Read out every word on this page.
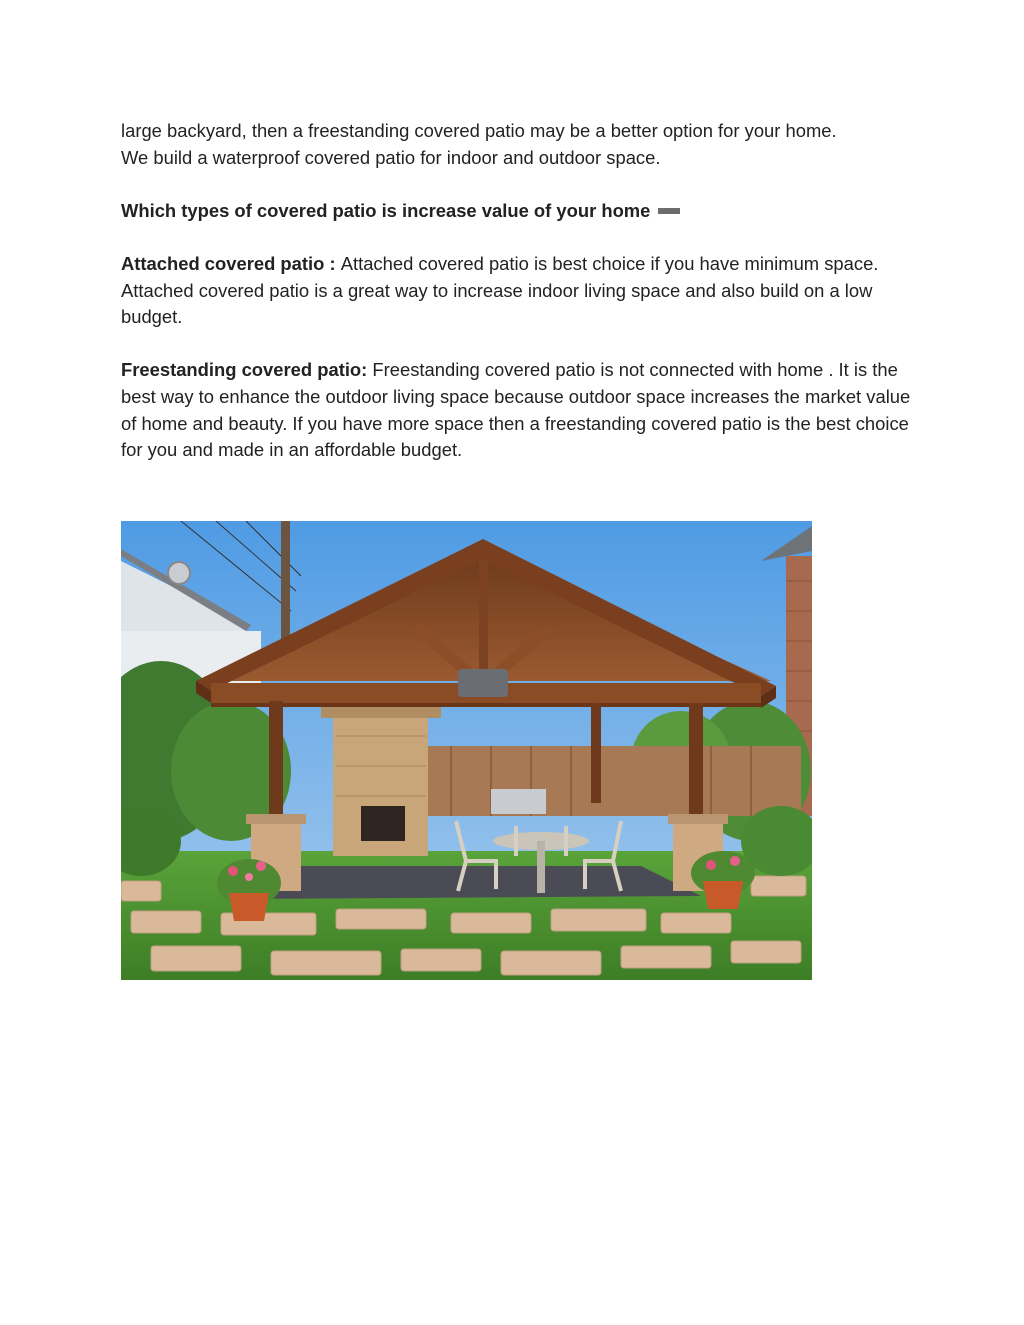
large backyard, then a freestanding covered patio may be a better option for your home.
We build a waterproof covered patio for indoor and outdoor space.

Which types of covered patio is increase value of your home

Attached covered patio : Attached covered patio is best choice if you have minimum space. Attached covered patio is a great way to increase indoor living space and also build on a low budget.

Freestanding covered patio: Freestanding covered patio is not connected with home . It is the best way to enhance the outdoor living space because outdoor space increases the market value of home and beauty. If you have more space then a freestanding covered patio is the best choice for you and made in an affordable budget.
